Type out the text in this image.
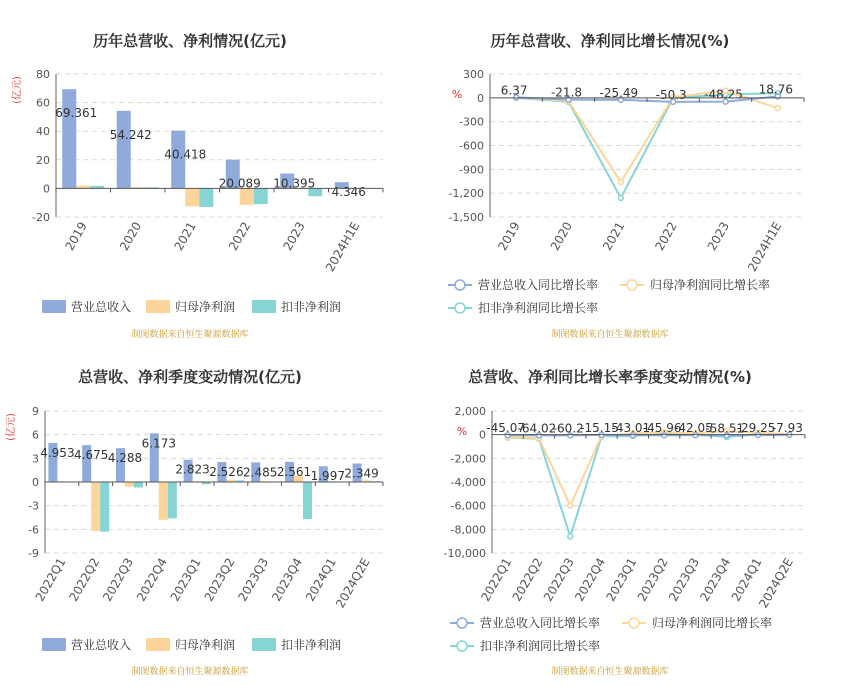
历年总营收、净利情况(亿元)
80
60
40
20
0
-20
(亿元)
69.361
54.242
40.418
20.089 10.395
4.346
2019 2020 2021 2022 2023 2024H1E
营业总收入	归母净利润	扣非净利润
制图数据来自恒生聚源数据库
历年总营收、净利同比增长情况(%)
300
0
-300
-600
-900
-1,200
-1,500
%	6.37 -21.8 -25.49 -50.3 -48.25 18.76
2019 2020 2021 2022 2023 2024H1E
营业总收入同比增长率	归母净利润同比增长率
扣非净利润同比增长率
制图数据来自恒生聚源数据库
总营收、净利季度变动情况(亿元)
9
6
3
0
-3
-6
-9
(亿元)
4.953 4.675 4.288
6.173
2.823 2.526 2.485 2.561 1.997 2.349
2022Q1
2022Q2
2022Q3
2022Q4
2023Q1
2023Q2
2023Q3
2023Q4
2024Q1
2024Q2E
营业总收入	归母净利润	扣非净利润
制图数据来自恒生聚源数据库
总营收、净利同比增长率季度变动情况(%)
2,000
0
-2,000
-4,000
-6,000
-8,000
-10,000
% -45.07
-64.02
-60.2
-15.15
-43.01
-45.96
-42.05
-58.51
-29.25
-7.93
2022Q1
2022Q2
2022Q3
2022Q4
2023Q1
2023Q2
2023Q3
2023Q4
2024Q1
2024Q2E
营业总收入同比增长率	归母净利润同比增长率
扣非净利润同比增长率
制图数据来自恒生聚源数据库
